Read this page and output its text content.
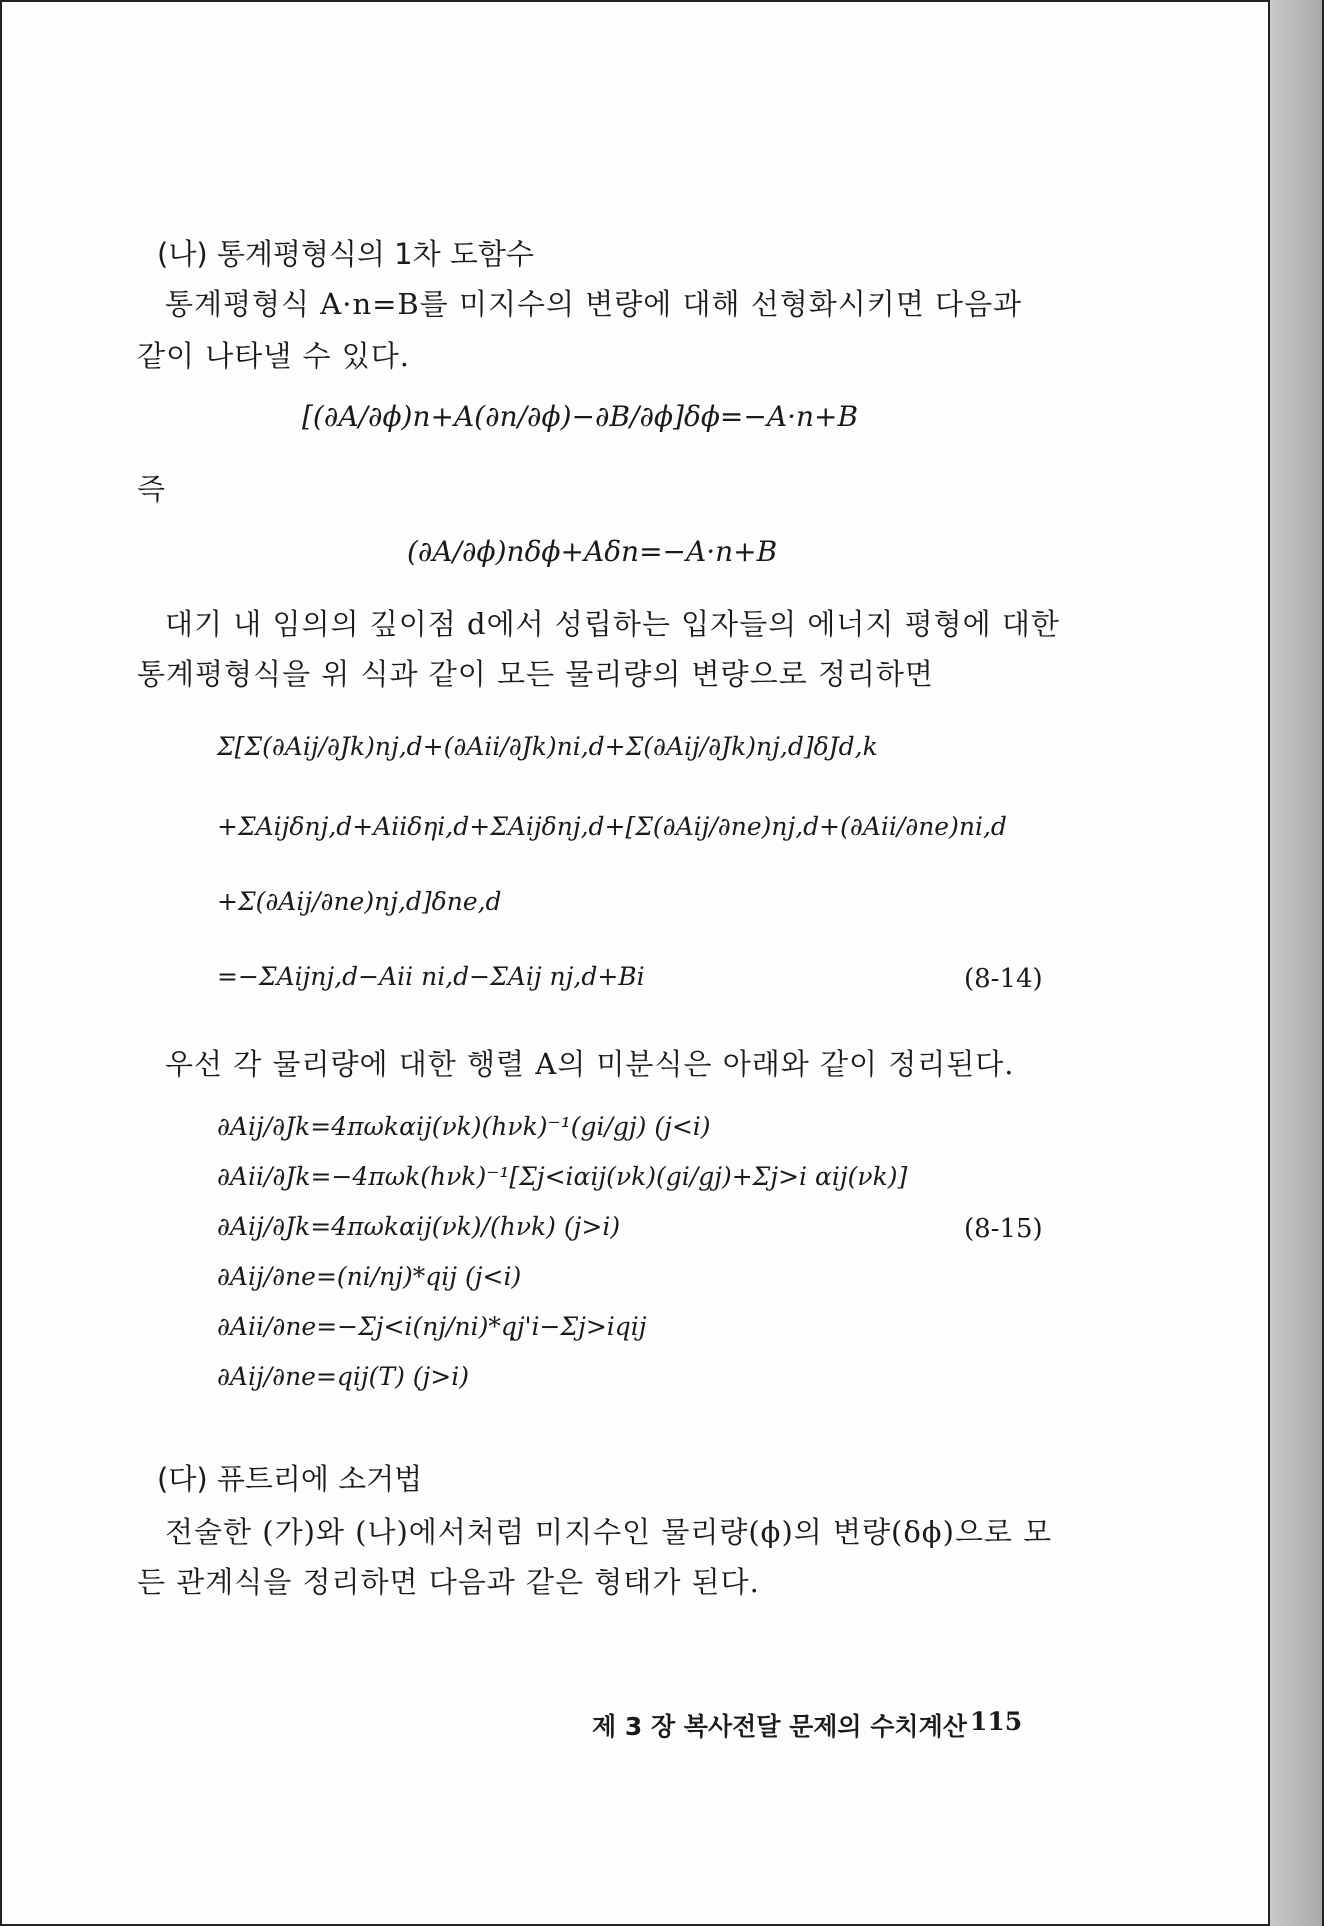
(나) 통계평형식의 1차 도함수
통계평형식 A·n=B를 미지수의 변량에 대해 선형화시키면 다음과
같이 나타낼 수 있다.
[(∂A/∂ϕ)n+A(∂n/∂ϕ)−∂B/∂ϕ]δϕ=−A·n+B
즉
(∂A/∂ϕ)nδϕ+Aδn=−A·n+B
대기 내 임의의 깊이점 d에서 성립하는 입자들의 에너지 평형에 대한
통계평형식을 위 식과 같이 모든 물리량의 변량으로 정리하면
Σ[Σ(∂Aij/∂Jk)nj,d+(∂Aii/∂Jk)ni,d+Σ(∂Aij/∂Jk)nj,d]δJd,k
+ΣAijδnj,d+Aiiδηi,d+ΣAijδnj,d+[Σ(∂Aij/∂ne)nj,d+(∂Aii/∂ne)ni,d
+Σ(∂Aij/∂ne)nj,d]δne,d
=−ΣAijnj,d−Aii ni,d−ΣAij nj,d+Bi	(8-14)
우선 각 물리량에 대한 행렬 A의 미분식은 아래와 같이 정리된다.
∂Aij/∂Jk=4πωkαij(νk)(hνk)⁻¹(gi/gj) (j<i)
∂Aii/∂Jk=−4πωk(hνk)⁻¹[Σj<iαij(νk)(gi/gj)+Σj>i αij(νk)]
∂Aij/∂Jk=4πωkαij(νk)/(hνk) (j>i)	(8-15)
∂Aij/∂ne=(ni/nj)*qij (j<i)
∂Aii/∂ne=−Σj<i(nj/ni)*qj'i−Σj>iqij
∂Aij/∂ne=qij(T) (j>i)
(다) 퓨트리에 소거법
전술한 (가)와 (나)에서처럼 미지수인 물리량(ϕ)의 변량(δϕ)으로 모
든 관계식을 정리하면 다음과 같은 형태가 된다.
제 3 장 복사전달 문제의 수치계산 115
